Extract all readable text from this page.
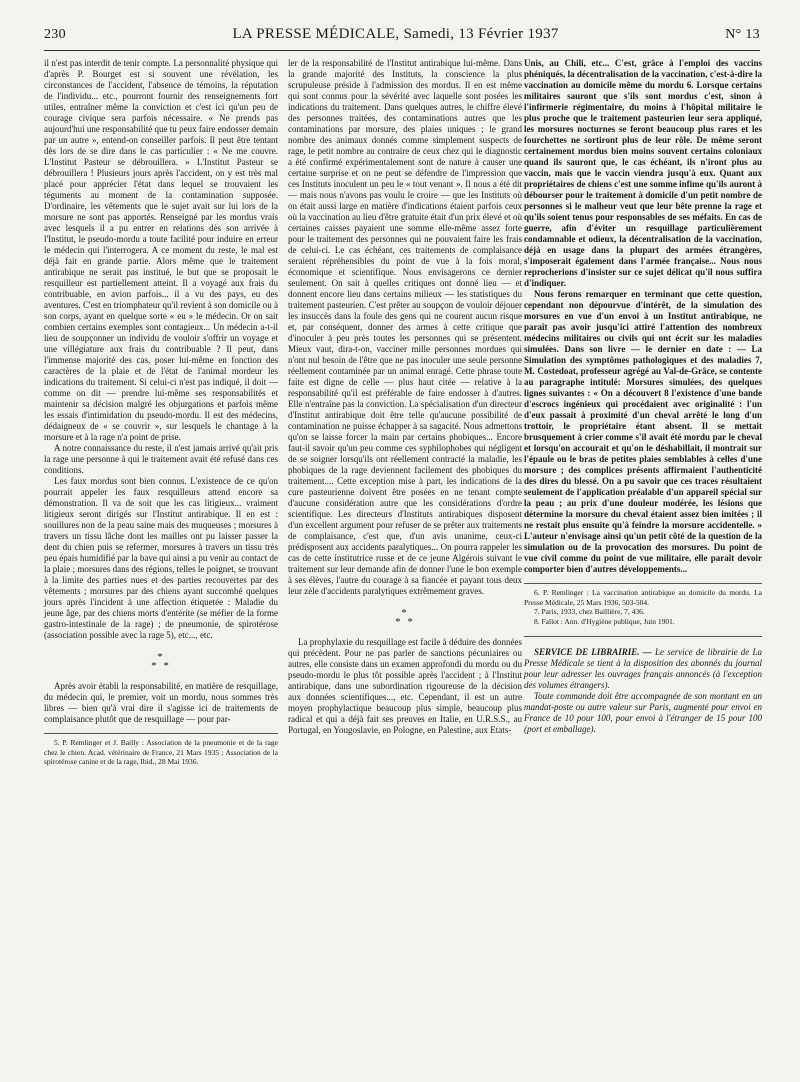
230	LA PRESSE MÉDICALE, Samedi, 13 Février 1937	N° 13

il n'est pas interdit de tenir compte. La personnalité physique qui d'après P. Bourget est si souvent une révélation, les circonstances de l'accident, l'absence de témoins, la réputation de l'individu... etc., pourront fournir des renseignements fort utiles, entraîner même la conviction et c'est ici qu'un peu de courage civique sera parfois nécessaire. « Ne prends pas aujourd'hui une responsabilité que tu peux faire endosser demain par un autre », entend-on conseiller parfois. Il peut être tentant dès lors de se dire dans le cas particulier : « Ne me couvre. L'Institut Pasteur se débrouillera. » L'Institut Pasteur se débrouillera ! Plusieurs jours après l'accident, on y est très mal placé pour apprécier l'état dans lequel se trouvaient les téguments au moment de la contamination supposée. D'ordinaire, les vêtements que le sujet avait sur lui lors de la morsure ne sont pas apportés. Renseigné par les mordus vrais avec lesquels il a pu entrer en relations dès son arrivée à l'Institut, le pseudo-mordu a toute facilité pour induire en erreur le médecin qui l'interrogera. A ce moment du reste, le mal est déjà fait en grande partie. Alors même que le traitement antirabique ne serait pas institué, le but que se proposait le resquilleur est partiellement atteint. Il a voyagé aux frais du contribuable, en avion parfois... il a vu des pays, eu des aventures. C'est en triomphateur qu'il revient à son domicile ou à son corps, ayant en quelque sorte « eu » le médecin. Or on sait combien certains exemples sont contagieux... Un médecin a-t-il lieu de soupçonner un individu de vouloir s'offrir un voyage et une villégiature aux frais du contribuable ? Il peut, dans l'immense majorité des cas, poser lui-même en fonction des caractères de la plaie et de l'état de l'animal mordeur les indications du traitement. Si celui-ci n'est pas indiqué, il doit — comme on dit — prendre lui-même ses responsabilités et maintenir sa décision malgré les objurgations et parfois même les essais d'intimidation du pseudo-mordu. Il est des médecins, dédaigneux de « se couvrir », sur lesquels le chantage à la morsure et à la rage n'a point de prise.

A notre connaissance du reste, il n'est jamais arrivé qu'ait pris la rage une personne à qui le traitement avait été refusé dans ces conditions.

Les faux mordus sont bien connus. L'existence de ce qu'on pourrait appeler les faux resquilleurs attend encore sa démonstration. Il va de soit que les cas litigieux... vraiment litigieux seront dirigés sur l'Institut antirabique. Il en est : souillures non de la peau saine mais des muqueuses ; morsures à travers un tissu lâche dont les mailles ont pu laisser passer la dent du chien puis se refermer, morsures à travers un tissu très peu épais humidifié par la bave qui ainsi a pu venir au contact de la plaie ; morsures dans des régions, telles le poignet, se trouvant à la limite des parties nues et des parties recouvertes par des vêtements ; morsures par des chiens ayant succombé quelques jours après l'incident à une affection étiquetée : Maladie du jeune âge, par des chiens morts d'entérite (se méfier de la forme gastro-intestinale de la rage) ; de pneumonie, de spirotérose (association possible avec la rage 5), etc..., etc.

*
* *

Après avoir établi la responsabilité, en matière de resquillage, du médecin qui, le premier, voit un mordu, nous sommes très libres — bien qu'à vrai dire il s'agisse ici de traitements de complaisance plutôt que de resquillage — pour par-

5. P. Remlinger et J. Bailly : Association de la pneumonie et de la rage chez le chien. Acad. vétérinaire de France, 21 Mars 1935 ; Association de la spirotérose canine et de la rage, Ibid., 28 Mai 1936.

ler de la responsabilité de l'Institut antirabique lui-même. Dans la grande majorité des Instituts, la conscience la plus scrupuleuse préside à l'admission des mordus. Il en est même qui sont connus pour la sévérité avec laquelle sont posées les indications du traitement. Dans quelques autres, le chiffre élevé des personnes traitées, des contaminations autres que les contaminations par morsure, des plaies uniques ; le grand nombre des animaux donnés comme simplement suspects de rage, le petit nombre au contraire de ceux chez qui le diagnostic a été confirmé expérimentalement sont de nature à causer une certaine surprise et on ne peut se défendre de l'impression que ces Instituts inoculent un peu le « tout venant ». Il nous a été dit — mais nous n'avons pas voulu le croire — que les Instituts où on était aussi large en matière d'indications étaient parfois ceux où la vaccination au lieu d'être gratuite était d'un prix élevé et où certaines caisses payaient une somme elle-même assez forte pour le traitement des personnes qui ne pouvaient faire les frais de celui-ci. Le cas échéant, ces traitements de complaisance seraient répréhensibles du point de vue à la fois moral, économique et scientifique. Nous envisagerons ce dernier seulement. On sait à quelles critiques ont donné lieu — et donnent encore lieu dans certains milieux — les statistiques du traitement pasteurien. C'est prêter au soupçon de vouloir déjouer les insuccès dans la foule des gens qui ne courent aucun risque et, par conséquent, donner des armes à cette critique que d'inoculer à peu près toutes les personnes qui se présentent. Mieux vaut, dira-t-on, vacciner mille personnes mordues qui n'ont nul besoin de l'être que ne pas inoculer une seule personne réellement contaminée par un animal enragé. Cette phrase toute faite est digne de celle — plus haut citée — relative à la responsabilité qu'il est préférable de faire endosser à d'autres. Elle n'entraîne pas la conviction. La spécialisation d'un directeur d'Institut antirabique doit être telle qu'aucune possibilité de contamination ne puisse échapper à sa sagacité. Nous admettons qu'on se laisse forcer la main par certains phobiques... Encore faut-il savoir qu'un peu comme ces syphilophobes qui négligent de se soigner lorsqu'ils ont réellement contracté la maladie, les phobiques de la rage deviennent facilement des phobiques du traitement.... Cette exception mise à part, les indications de la cure pasteurienne doivent être posées en ne tenant compte d'aucune considération autre que les considérations d'ordre scientifique. Les directeurs d'Instituts antirabiques disposent d'un excellent argument pour refuser de se prêter aux traitements de complaisance, c'est que, d'un avis unanime, ceux-ci prédisposent aux accidents paralytiques... On pourra rappeler les cas de cette institutrice russe et de ce jeune Algérois suivant le traitement sur leur demande afin de donner l'une le bon exemple à ses élèves, l'autre du courage à sa fiancée et payant tous deux leur zèle d'accidents paralytiques extrêmement graves.

*
* *

La prophylaxie du resquillage est facile à déduire des données qui précèdent. Pour ne pas parler de sanctions pécuniaires ou autres, elle consiste dans un examen approfondi du mordu ou du pseudo-mordu le plus tôt possible après l'accident ; à l'Institut antirabique, dans une subordination rigoureuse de la décision aux données scientifiques..., etc. Cependant, il est un autre moyen prophylactique beaucoup plus simple, beaucoup plus radical et qui a déjà fait ses preuves en Italie, en U.R.S.S., au Portugal, en Yougoslavie, en Pologne, en Palestine, aux Etats-

Unis, au Chili, etc... C'est, grâce à l'emploi des vaccins phéniqués, la décentralisation de la vaccination, c'est-à-dire la vaccination au domicile même du mordu 6. Lorsque certains militaires sauront que s'ils sont mordus c'est, sinon à l'infirmerie régimentaire, du moins à l'hôpital militaire le plus proche que le traitement pasteurien leur sera appliqué, les morsures nocturnes se feront beaucoup plus rares et les fourchettes ne sortiront plus de leur rôle. De même seront certainement mordus bien moins souvent certains coloniaux quand ils sauront que, le cas échéant, ils n'iront plus au vaccin, mais que le vaccin viendra jusqu'à eux. Quant aux propriétaires de chiens c'est une somme infime qu'ils auront à débourser pour le traitement à domicile d'un petit nombre de personnes si le malheur veut que leur bête prenne la rage et qu'ils soient tenus pour responsables de ses méfaits. En cas de guerre, afin d'éviter un resquillage particulièrement condamnable et odieux, la décentralisation de la vaccination, déjà en usage dans la plupart des armées étrangères, s'imposerait également dans l'armée française... Nous nous reprocherions d'insister sur ce sujet délicat qu'il nous suffira d'indiquer.

Nous ferons remarquer en terminant que cette question, cependant non dépourvue d'intérêt, de la simulation des morsures en vue d'un envoi à un Institut antirabique, ne paraît pas avoir jusqu'ici attiré l'attention des nombreux médecins militaires ou civils qui ont écrit sur les maladies simulées. Dans son livre — le dernier en date : — La Simulation des symptômes pathologiques et des maladies 7, M. Costedoat, professeur agrégé au Val-de-Grâce, se contente au paragraphe intitulé: Morsures simulées, des quelques lignes suivantes : « On a découvert 8 l'existence d'une bande d'escrocs ingénieux qui procédaient avec originalité : l'un d'eux passait à proximité d'un cheval arrêté le long d'un trottoir, le propriétaire étant absent. Il se mettait brusquement à crier comme s'il avait été mordu par le cheval et lorsqu'on accourait et qu'on le déshabillait, il montrait sur l'épaule ou le bras de petites plaies semblables à celles d'une morsure ; des complices présents affirmaient l'authenticité des dires du blessé. On a pu savoir que ces traces résultaient seulement de l'application préalable d'un appareil spécial sur la peau ; au prix d'une douleur modérée, les lésions que détermine la morsure du cheval étaient assez bien imitées ; il ne restait plus ensuite qu'à feindre la morsure accidentelle. » L'auteur n'envisage ainsi qu'un petit côté de la question de la simulation ou de la provocation des morsures. Du point de vue civil comme du point de vue militaire, elle paraît devoir comporter bien d'autres développements...

6. P. Remlinger : La vaccination antirabique au domicile du mordu. La Presse Médicale, 25 Mars 1936, 503-504.

7. Paris, 1933, chez Baillière, 7, 436.

8. Fallot : Ann. d'Hygiène publique, Juin 1901.

SERVICE DE LIBRAIRIE. — Le service de librairie de La Presse Médicale se tient à la disposition des abonnés du journal pour leur adresser les ouvrages français annoncés (à l'exception des volumes étrangers).

Toute commande doit être accompagnée de son montant en un mandat-poste ou autre valeur sur Paris, augmenté pour envoi en France de 10 pour 100, pour envoi à l'étranger de 15 pour 100 (port et emballage).
